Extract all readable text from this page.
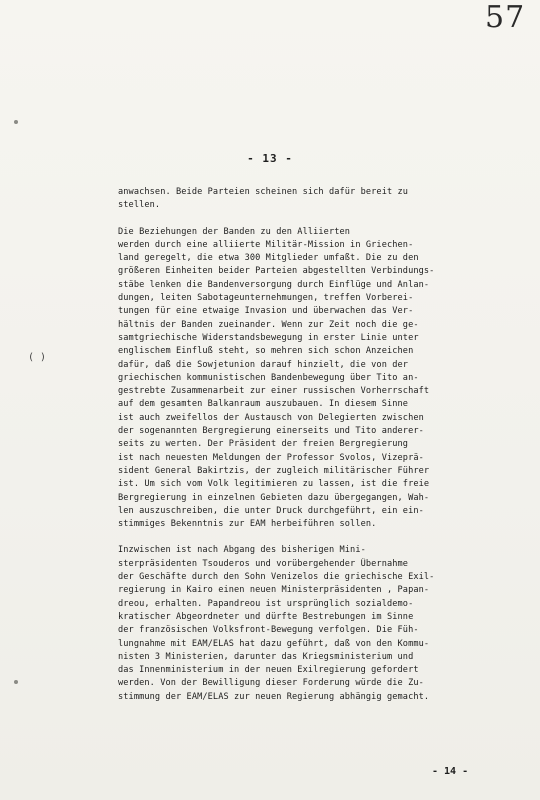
57
- 13 -
( )
anwachsen. Beide Parteien scheinen sich dafür bereit zu
stellen.
Die Beziehungen der Banden zu den Alliierten
werden durch eine alliierte Militär-Mission in Griechen-
land geregelt, die etwa 300 Mitglieder umfaßt. Die zu den
größeren Einheiten beider Parteien abgestellten Verbindungs-
stäbe lenken die Bandenversorgung durch Einflüge und Anlan-
dungen, leiten Sabotageunternehmungen, treffen Vorberei-
tungen für eine etwaige Invasion und überwachen das Ver-
hältnis der Banden zueinander. Wenn zur Zeit noch die ge-
samtgriechische Widerstandsbewegung in erster Linie unter
englischem Einfluß steht, so mehren sich schon Anzeichen
dafür, daß die Sowjetunion darauf hinzielt, die von der
griechischen kommunistischen Bandenbewegung über Tito an-
gestrebte Zusammenarbeit zur einer russischen Vorherrschaft
auf dem gesamten Balkanraum auszubauen. In diesem Sinne
ist auch zweifellos der Austausch von Delegierten zwischen
der sogenannten Bergregierung einerseits und Tito anderer-
seits zu werten. Der Präsident der freien Bergregierung
ist nach neuesten Meldungen der Professor Svolos, Vizeprä-
sident General Bakirtzis, der zugleich militärischer Führer
ist. Um sich vom Volk legitimieren zu lassen, ist die freie
Bergregierung in einzelnen Gebieten dazu übergegangen, Wah-
len auszuschreiben, die unter Druck durchgeführt, ein ein-
stimmiges Bekenntnis zur EAM herbeiführen sollen.
Inzwischen ist nach Abgang des bisherigen Mini-
sterpräsidenten Tsouderos und vorübergehender Übernahme
der Geschäfte durch den Sohn Venizelos die griechische Exil-
regierung in Kairo einen neuen Ministerpräsidenten , Papan-
dreou, erhalten. Papandreou ist ursprünglich sozialdemo-
kratischer Abgeordneter und dürfte Bestrebungen im Sinne
der französischen Volksfront-Bewegung verfolgen. Die Füh-
lungnahme mit EAM/ELAS hat dazu geführt, daß von den Kommu-
nisten 3 Ministerien, darunter das Kriegsministerium und
das Innenministerium in der neuen Exilregierung gefordert
werden. Von der Bewilligung dieser Forderung würde die Zu-
stimmung der EAM/ELAS zur neuen Regierung abhängig gemacht.
- 14 -
